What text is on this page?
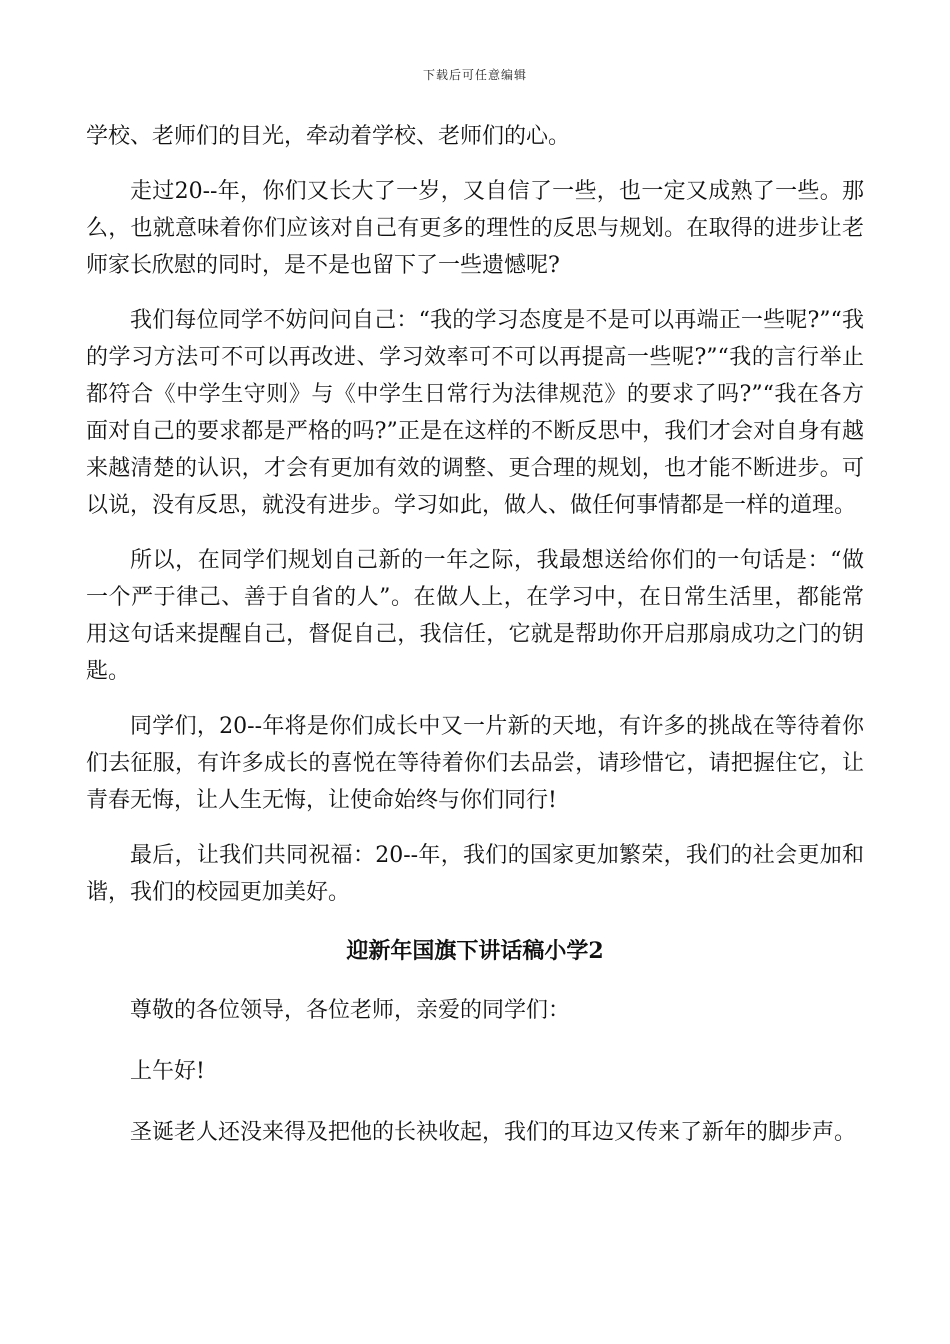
下载后可任意编辑

学校、老师们的目光，牵动着学校、老师们的心。

走过20--年，你们又长大了一岁，又自信了一些，也一定又成熟了一些。那么，也就意味着你们应该对自己有更多的理性的反思与规划。在取得的进步让老师家长欣慰的同时，是不是也留下了一些遗憾呢?

我们每位同学不妨问问自己：“我的学习态度是不是可以再端正一些呢?”“我的学习方法可不可以再改进、学习效率可不可以再提高一些呢?”“我的言行举止都符合《中学生守则》与《中学生日常行为法律规范》的要求了吗?”“我在各方面对自己的要求都是严格的吗?”正是在这样的不断反思中，我们才会对自身有越来越清楚的认识，才会有更加有效的调整、更合理的规划，也才能不断进步。可以说，没有反思，就没有进步。学习如此，做人、做任何事情都是一样的道理。

所以，在同学们规划自己新的一年之际，我最想送给你们的一句话是：“做一个严于律己、善于自省的人”。在做人上，在学习中，在日常生活里，都能常用这句话来提醒自己，督促自己，我信任，它就是帮助你开启那扇成功之门的钥匙。

同学们，20--年将是你们成长中又一片新的天地，有许多的挑战在等待着你们去征服，有许多成长的喜悦在等待着你们去品尝，请珍惜它，请把握住它，让青春无悔，让人生无悔，让使命始终与你们同行!

最后，让我们共同祝福：20--年，我们的国家更加繁荣，我们的社会更加和谐，我们的校园更加美好。

迎新年国旗下讲话稿小学2

尊敬的各位领导，各位老师，亲爱的同学们：

上午好!

圣诞老人还没来得及把他的长袂收起，我们的耳边又传来了新年的脚步声。
